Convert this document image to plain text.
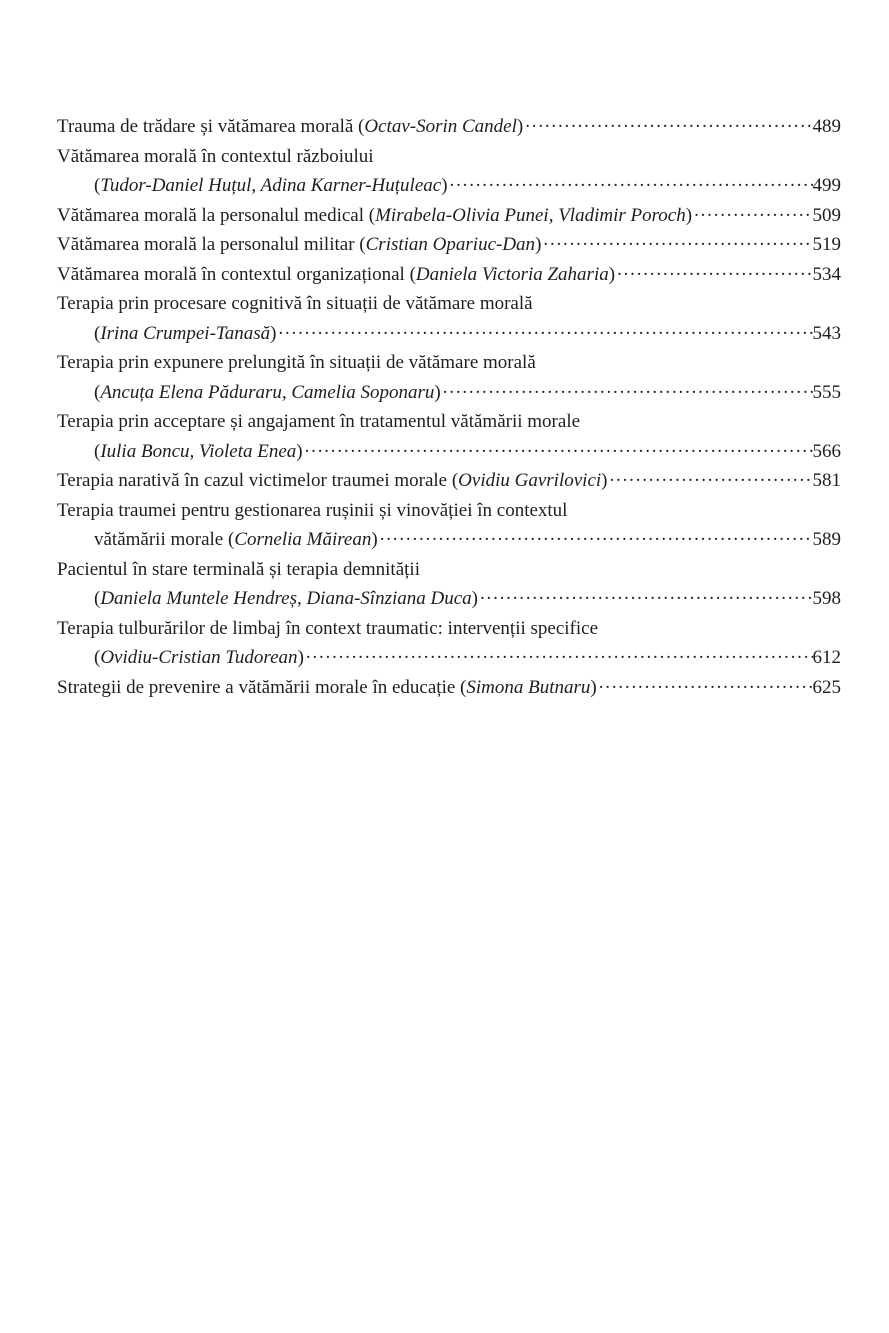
Trauma de trădare și vătămarea morală (Octav-Sorin Candel) .....	489
Vătămarea morală în contextul războiului
(Tudor-Daniel Huțul, Adina Karner-Huțuleac) .....	499
Vătămarea morală la personalul medical (Mirabela-Olivia Punei, Vladimir Poroch) .....	509
Vătămarea morală la personalul militar (Cristian Opariuc-Dan) .....	519
Vătămarea morală în contextul organizațional (Daniela Victoria Zaharia) .....	534
Terapia prin procesare cognitivă în situații de vătămare morală
(Irina Crumpei-Tanasă) .....	543
Terapia prin expunere prelungită în situații de vătămare morală
(Ancuța Elena Păduraru, Camelia Soponaru) .....	555
Terapia prin acceptare și angajament în tratamentul vătămării morale
(Iulia Boncu, Violeta Enea) .....	566
Terapia narativă în cazul victimelor traumei morale (Ovidiu Gavrilovici) .....	581
Terapia traumei pentru gestionarea rușinii și vinovăției în contextul
vătămării morale (Cornelia Măirean) .....	589
Pacientul în stare terminală și terapia demnității
(Daniela Muntele Hendreș, Diana-Sînziana Duca) .....	598
Terapia tulburărilor de limbaj în context traumatic: intervenții specifice
(Ovidiu-Cristian Tudorean) .....	612
Strategii de prevenire a vătămării morale în educație (Simona Butnaru) .....	625
